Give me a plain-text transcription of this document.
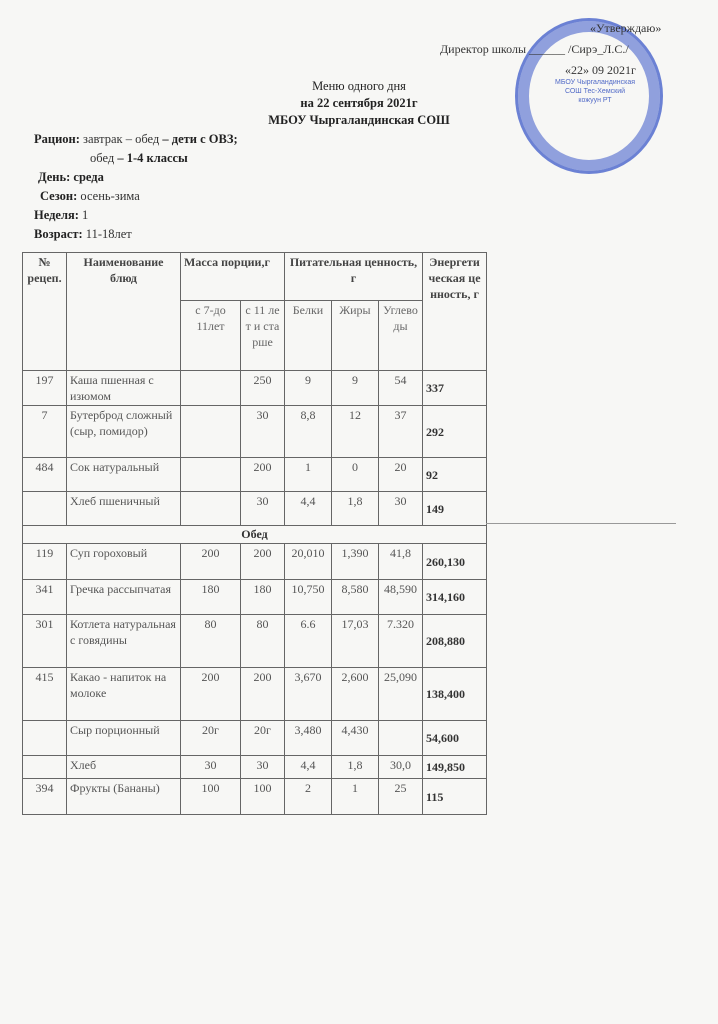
МБОУ Чыргаландинская СОШ Тес-Хемский кожуун РТ
«Утверждаю»
Директор школы ______ /Сирэ_Л.С./
«22» 09 2021г
Меню одного дня
на 22 сентября 2021г
МБОУ Чыргаландинская СОШ
Рацион: завтрак – обед – дети с ОВЗ;
обед – 1-4 классы
День: среда
Сезон: осень-зима
Неделя: 1
Возраст: 11-18лет
№ рецеп.	Наименование блюд	Масса порции,г		Питательная ценность, г			Энергетическая ценность, г
		с 7-до 11лет	с 11 лет и старше	Белки	Жиры	Углеводы	
197	Каша пшенная с изюмом		250	9	9	54	337
7	Бутерброд сложный (сыр, помидор)		30	8,8	12	37	292
484	Сок натуральный		200	1	0	20	92
	Хлеб пшеничный		30	4,4	1,8	30	149
Обед							
119	Суп гороховый	200	200	20,010	1,390	41,8	260,130
341	Гречка рассыпчатая	180	180	10,750	8,580	48,590	314,160
301	Котлета натуральная с говядины	80	80	6.6	17,03	7.320	208,880
415	Какао - напиток на молоке	200	200	3,670	2,600	25,090	138,400
	Сыр порционный	20г	20г	3,480	4,430		54,600
	Хлеб	30	30	4,4	1,8	30,0	149,850
394	Фрукты (Бананы)	100	100	2	1	25	115
